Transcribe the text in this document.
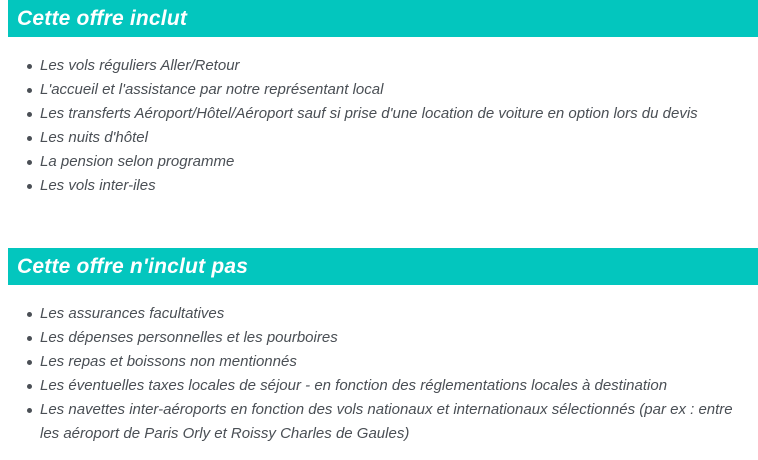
Cette offre inclut
Les vols réguliers Aller/Retour
L'accueil et l'assistance par notre représentant local
Les transferts Aéroport/Hôtel/Aéroport sauf si prise d'une location de voiture en option lors du devis
Les nuits d'hôtel
La pension selon programme
Les vols inter-iles
Cette offre n'inclut pas
Les assurances facultatives
Les dépenses personnelles et les pourboires
Les repas et boissons non mentionnés
Les éventuelles taxes locales de séjour - en fonction des réglementations locales à destination
Les navettes inter-aéroports en fonction des vols nationaux et internationaux sélectionnés (par ex : entre les aéroport de Paris Orly et Roissy Charles de Gaules)
